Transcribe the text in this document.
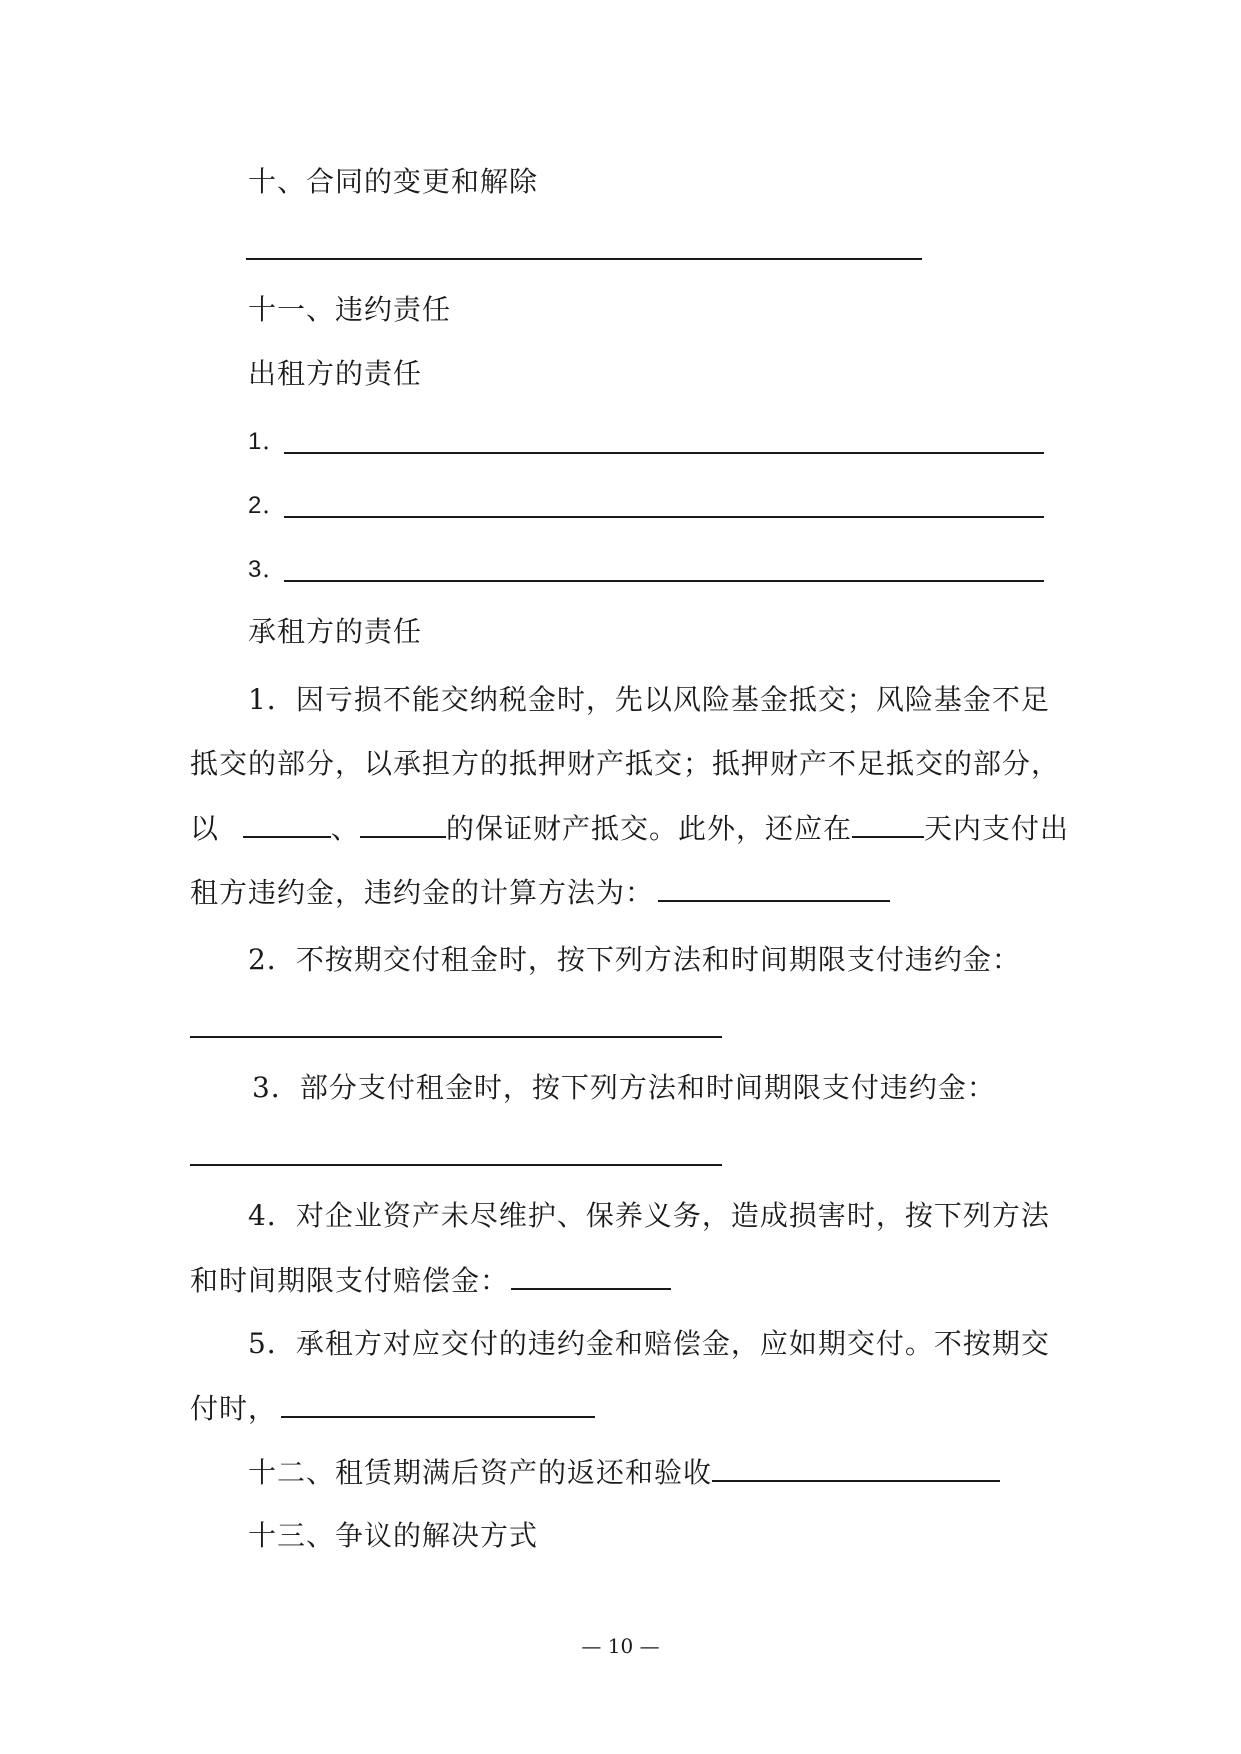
十、合同的变更和解除
十一、违约责任
出租方的责任
1．
2．
3．
承租方的责任
1．因亏损不能交纳税金时，先以风险基金抵交；风险基金不足
抵交的部分，以承担方的抵押财产抵交；抵押财产不足抵交的部分，
以	、	的保证财产抵交。此外，还应在	天内支付出
租方违约金，违约金的计算方法为：
2．不按期交付租金时，按下列方法和时间期限支付违约金：
3．部分支付租金时，按下列方法和时间期限支付违约金：
4．对企业资产未尽维护、保养义务，造成损害时，按下列方法
和时间期限支付赔偿金：
5．承租方对应交付的违约金和赔偿金，应如期交付。不按期交
付时，
十二、租赁期满后资产的返还和验收
十三、争议的解决方式
— 10 —
